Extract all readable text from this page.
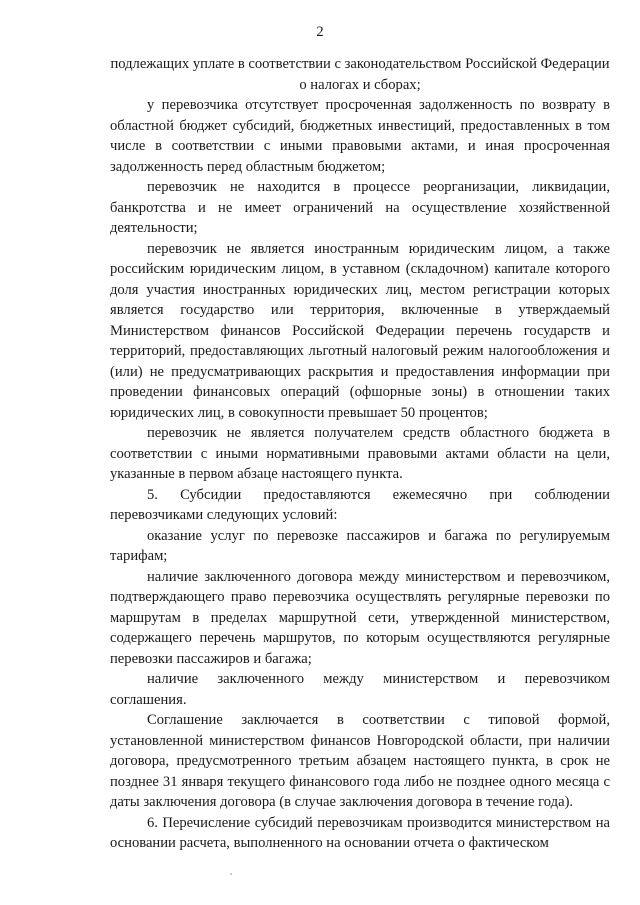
2

подлежащих уплате в соответствии с законодательством Российской Федерации о налогах и сборах;

у перевозчика отсутствует просроченная задолженность по возврату в областной бюджет субсидий, бюджетных инвестиций, предоставленных в том числе в соответствии с иными правовыми актами, и иная просроченная задолженность перед областным бюджетом;

перевозчик не находится в процессе реорганизации, ликвидации, банкротства и не имеет ограничений на осуществление хозяйственной деятельности;

перевозчик не является иностранным юридическим лицом, а также российским юридическим лицом, в уставном (складочном) капитале которого доля участия иностранных юридических лиц, местом регистрации которых является государство или территория, включенные в утверждаемый Министерством финансов Российской Федерации перечень государств и территорий, предоставляющих льготный налоговый режим налогообложения и (или) не предусматривающих раскрытия и предоставления информации при проведении финансовых операций (офшорные зоны) в отношении таких юридических лиц, в совокупности превышает 50 процентов;

перевозчик не является получателем средств областного бюджета в соответствии с иными нормативными правовыми актами области на цели, указанные в первом абзаце настоящего пункта.

5. Субсидии предоставляются ежемесячно при соблюдении перевозчиками следующих условий:

оказание услуг по перевозке пассажиров и багажа по регулируемым тарифам;

наличие заключенного договора между министерством и перевозчиком, подтверждающего право перевозчика осуществлять регулярные перевозки по маршрутам в пределах маршрутной сети, утвержденной министерством, содержащего перечень маршрутов, по которым осуществляются регулярные перевозки пассажиров и багажа;

наличие заключенного между министерством и перевозчиком соглашения.

Соглашение заключается в соответствии с типовой формой, установленной министерством финансов Новгородской области, при наличии договора, предусмотренного третьим абзацем настоящего пункта, в срок не позднее 31 января текущего финансового года либо не позднее одного месяца с даты заключения договора (в случае заключения договора в течение года).

6. Перечисление субсидий перевозчикам производится министерством на основании расчета, выполненного на основании отчета о фактическом
